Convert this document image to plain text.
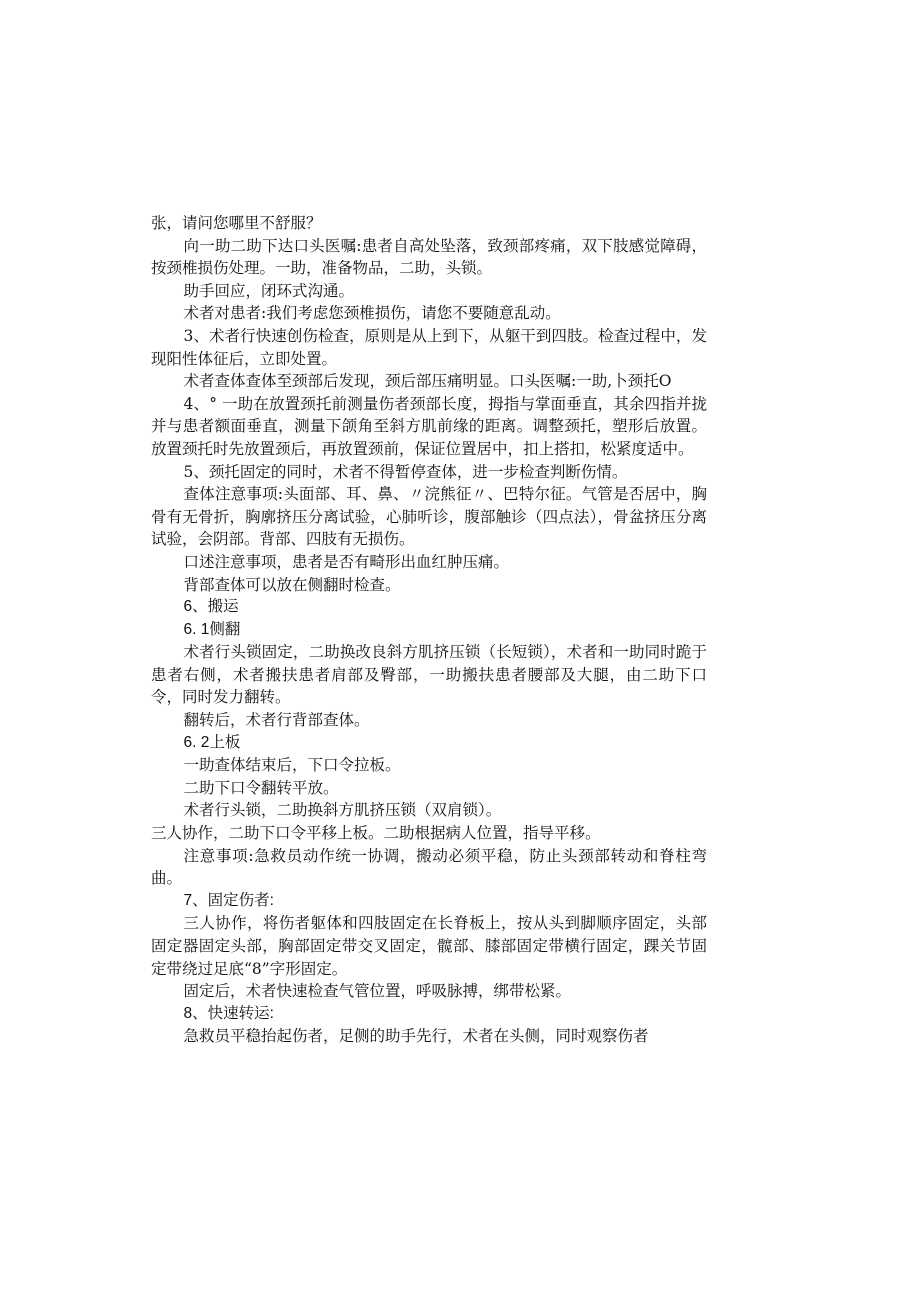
张，请问您哪里不舒服？

向一助二助下达口头医嘱:患者自高处坠落，致颈部疼痛，双下肢感觉障碍，按颈椎损伤处理。一助，准备物品，二助，头锁。

助手回应，闭环式沟通。

术者对患者:我们考虑您颈椎损伤，请您不要随意乱动。

3、术者行快速创伤检查，原则是从上到下，从躯干到四肢。检查过程中，发现阳性体征后，立即处置。

术者查体查体至颈部后发现，颈后部压痛明显。口头医嘱:一助,卜颈托O

4、° 一助在放置颈托前测量伤者颈部长度，拇指与掌面垂直，其余四指并拢并与患者额面垂直，测量下颌角至斜方肌前缘的距离。调整颈托，塑形后放置。放置颈托时先放置颈后，再放置颈前，保证位置居中，扣上搭扣，松紧度适中。

5、颈托固定的同时，术者不得暂停查体，进一步检查判断伤情。

查体注意事项:头面部、耳、鼻、〃浣熊征〃、巴特尔征。气管是否居中，胸骨有无骨折，胸廓挤压分离试验，心肺听诊，腹部触诊（四点法），骨盆挤压分离试验，会阴部。背部、四肢有无损伤。

口述注意事项，患者是否有畸形出血红肿压痛。

背部查体可以放在侧翻时检查。

6、搬运

6. 1侧翻

术者行头锁固定，二助换改良斜方肌挤压锁（长短锁），术者和一助同时跪于患者右侧，术者搬扶患者肩部及臀部，一助搬扶患者腰部及大腿，由二助下口令，同时发力翻转。

翻转后，术者行背部查体。

6. 2上板

一助查体结束后，下口令拉板。

二助下口令翻转平放。

术者行头锁，二助换斜方肌挤压锁（双肩锁）。

三人协作，二助下口令平移上板。二助根据病人位置，指导平移。

注意事项:急救员动作统一协调，搬动必须平稳，防止头颈部转动和脊柱弯曲。

7、固定伤者:

三人协作，将伤者躯体和四肢固定在长脊板上，按从头到脚顺序固定，头部固定器固定头部，胸部固定带交叉固定，髋部、膝部固定带横行固定，踝关节固定带绕过足底“8”字形固定。

固定后，术者快速检查气管位置，呼吸脉搏，绑带松紧。

8、快速转运:

急救员平稳抬起伤者，足侧的助手先行，术者在头侧，同时观察伤者
